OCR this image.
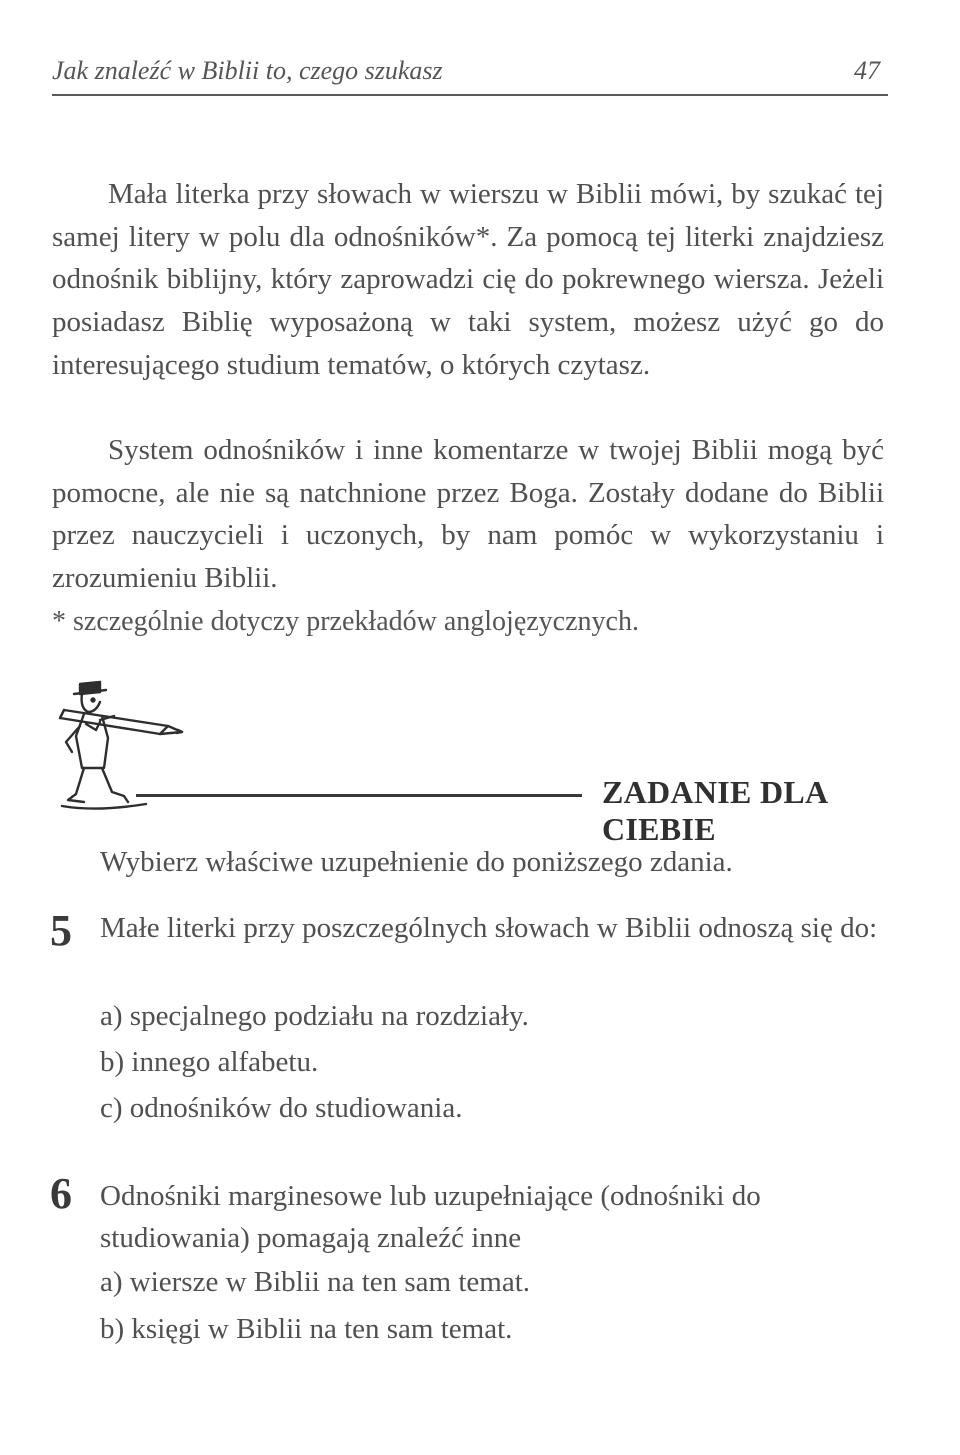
Jak znaleźć w Biblii to, czego szukasz	47

Mała literka przy słowach w wierszu w Biblii mówi, by szukać tej samej litery w polu dla odnośników*. Za pomocą tej literki znajdziesz odnośnik biblijny, który zaprowadzi cię do pokrewnego wiersza. Jeżeli posiadasz Biblię wyposażoną w taki system, możesz użyć go do interesującego studium tematów, o których czytasz.

System odnośników i inne komentarze w twojej Biblii mogą być pomocne, ale nie są natchnione przez Boga. Zostały dodane do Biblii przez nauczycieli i uczonych, by nam pomóc w wykorzystaniu i zrozumieniu Biblii.

* szczególnie dotyczy przekładów anglojęzycznych.
ZADANIE DLA CIEBIE
Wybierz właściwe uzupełnienie do poniższego zdania.
5 Małe literki przy poszczególnych słowach w Biblii odnoszą się do:
a) specjalnego podziału na rozdziały.
b) innego alfabetu.
c) odnośników do studiowania.
6 Odnośniki marginesowe lub uzupełniające (odnośniki do studiowania) pomagają znaleźć inne
a) wiersze w Biblii na ten sam temat.
b) księgi w Biblii na ten sam temat.
